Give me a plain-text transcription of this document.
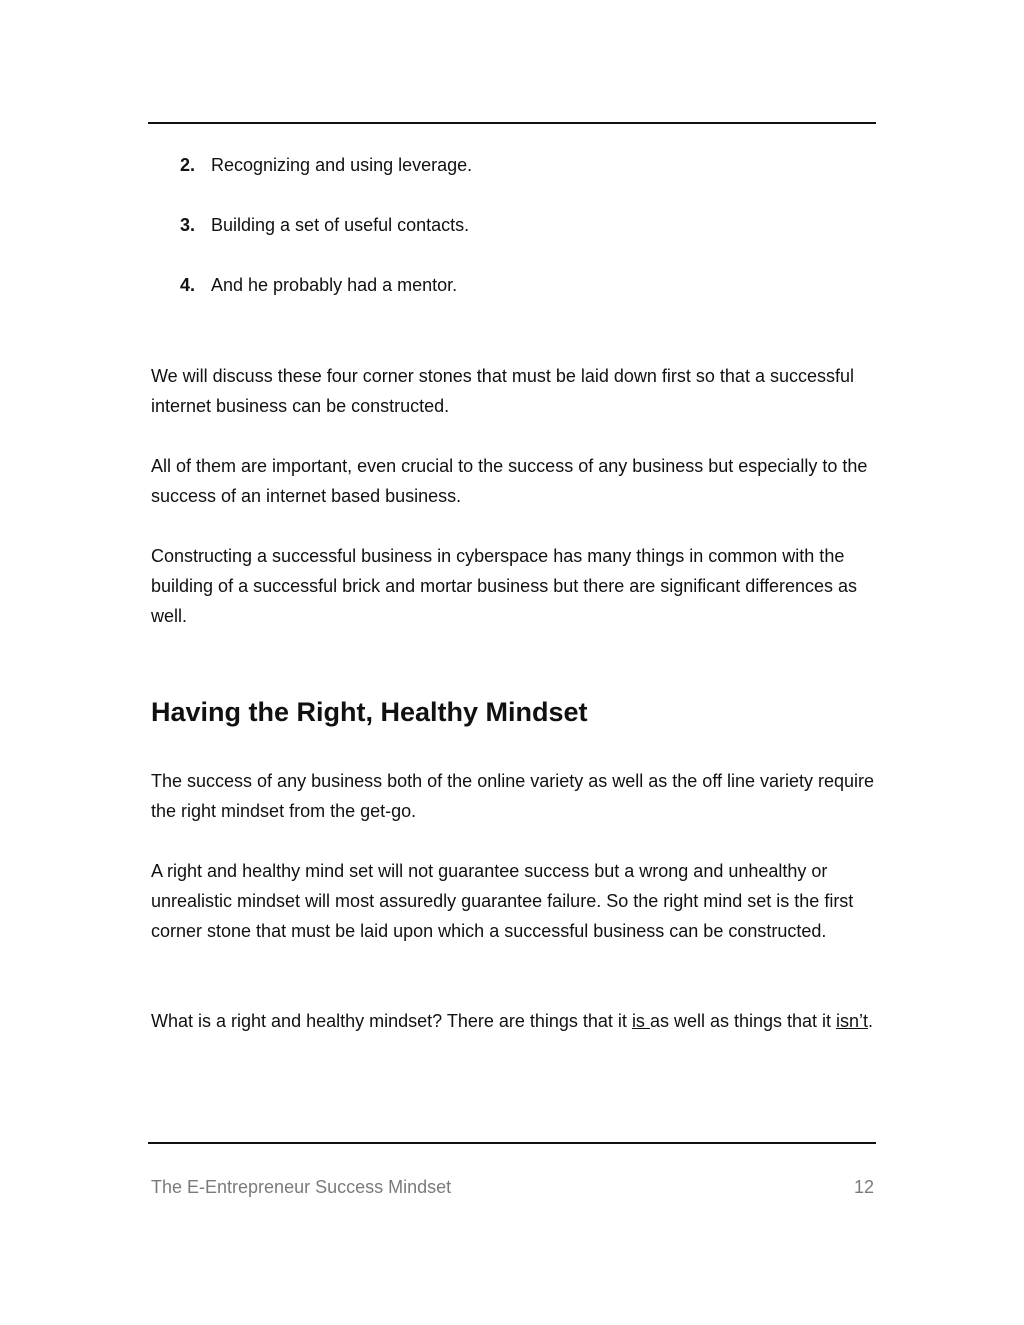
2. Recognizing and using leverage.
3. Building a set of useful contacts.
4. And he probably had a mentor.

We will discuss these four corner stones that must be laid down first so that a successful internet business can be constructed.

All of them are important, even crucial to the success of any business but especially to the success of an internet based business.

Constructing a successful business in cyberspace has many things in common with the building of a successful brick and mortar business but there are significant differences as well.

Having the Right, Healthy Mindset

The success of any business both of the online variety as well as the off line variety require the right mindset from the get-go.

A right and healthy mind set will not guarantee success but a wrong and unhealthy or unrealistic mindset will most assuredly guarantee failure. So the right mind set is the first corner stone that must be laid upon which a successful business can be constructed.

What is a right and healthy mindset? There are things that it is as well as things that it isn’t.

The E-Entrepreneur Success Mindset	12
